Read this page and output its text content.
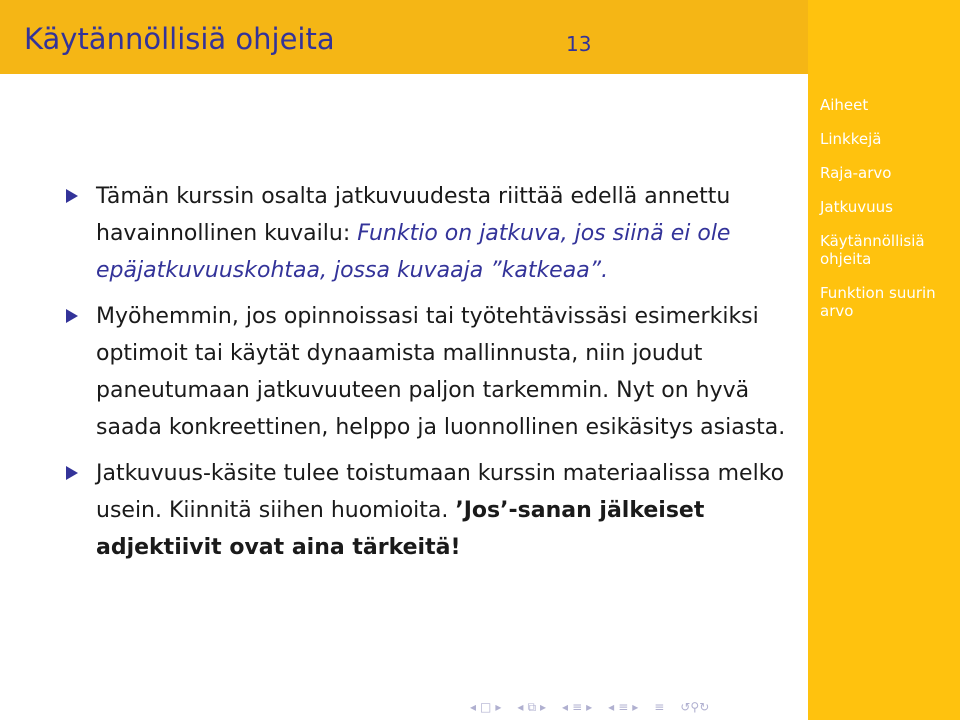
Käytännöllisiä ohjeita	13
Aiheet
Linkkejä
Raja-arvo
Jatkuvuus
Käytännöllisiä ohjeita
Funktion suurin arvo
Tämän kurssin osalta jatkuvuudesta riittää edellä annettu havainnollinen kuvailu: Funktio on jatkuva, jos siinä ei ole epäjatkuvuuskohtaa, jossa kuvaaja ”katkeaa”.
Myöhemmin, jos opinnoissasi tai työtehtävissäsi esimerkiksi optimoit tai käytät dynaamista mallinnusta, niin joudut paneutumaan jatkuvuuteen paljon tarkemmin. Nyt on hyvä saada konkreettinen, helppo ja luonnollinen esikäsitys asiasta.
Jatkuvuus-käsite tulee toistumaan kurssin materiaalissa melko usein. Kiinnitä siihen huomioita. ’Jos’-sanan jälkeiset adjektiivit ovat aina tärkeitä!
◂ □ ▸ ◂ ⧉ ▸ ◂ ≡ ▸ ◂ ≡ ▸ ≡ ↺⚲↻
